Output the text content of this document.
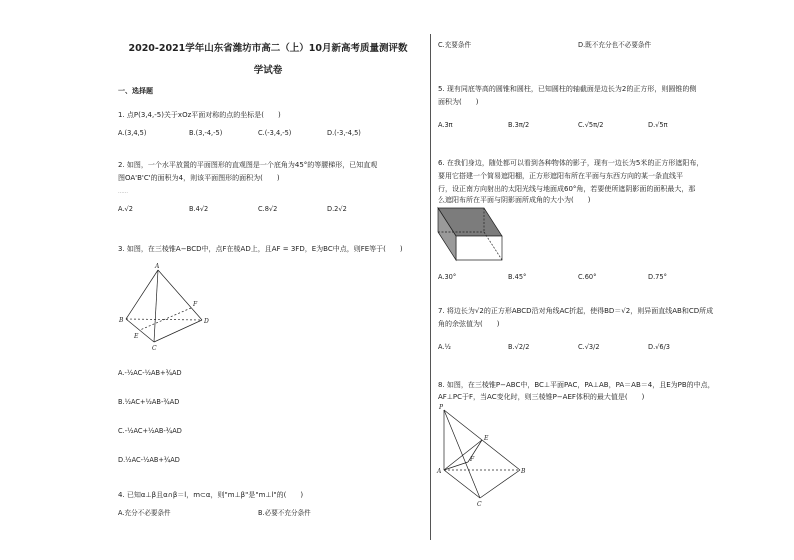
2020-2021学年山东省潍坊市高二（上）10月新高考质量测评数
学试卷
一、选择题
1. 点P(3,4,-5)关于xOz平面对称的点的坐标是(　　)
A.(3,4,5)	B.(3,-4,-5)	C.(-3,4,-5)	D.(-3,-4,5)
2. 如图，一个水平放置的平面图形的直观图是一个底角为45°的等腰梯形，已知直观
图OA'B'C'的面积为4，则该平面图形的面积为(　　)
……
A.√2	B.4√2	C.8√2	D.2√2
3. 如图，在三棱锥A−BCD中，点F在棱AD上，且AF = 3FD，E为BC中点，则FE等于(　　)
A
F
B
E
D
C
A.-½AC-½AB+¾AD
B.½AC+½AB-¾AD
C.-½AC+½AB-¾AD
D.½AC-½AB+¾AD
4. 已知α⊥β且α∩β＝l，m⊂α，则"m⊥β"是"m⊥l"的(　　)
A.充分不必要条件	B.必要不充分条件
C.充要条件	D.既不充分也不必要条件
5. 现有同底等高的圆锥和圆柱，已知圆柱的轴截面是边长为2的正方形，则圆锥的侧
面积为(　　)
A.3π	B.3π/2	C.√5π/2	D.√5π
6. 在我们身边，随处都可以看到各种物体的影子，现有一边长为5米的正方形遮阳布，
要用它搭建一个简易遮阳棚，正方形遮阳布所在平面与东西方向的某一条直线平
行，设正南方向射出的太阳光线与地面成60°角，若要使所遮阴影面的面积最大，那
么遮阳布所在平面与阴影面所成角的大小为(　　)
A.30°	B.45°	C.60°	D.75°
7. 将边长为√2的正方形ABCD沿对角线AC折起，使得BD＝√2，则异面直线AB和CD所成
角的余弦值为(　　)
A.½	B.√2/2	C.√3/2	D.√6/3
8. 如图，在三棱锥P−ABC中，BC⊥平面PAC，PA⊥AB，PA＝AB＝4，且E为PB的中点，
AF⊥PC于F，当AC变化时，则三棱锥P−AEF体积的最大值是(　　)
P
E
F
A	B
C
